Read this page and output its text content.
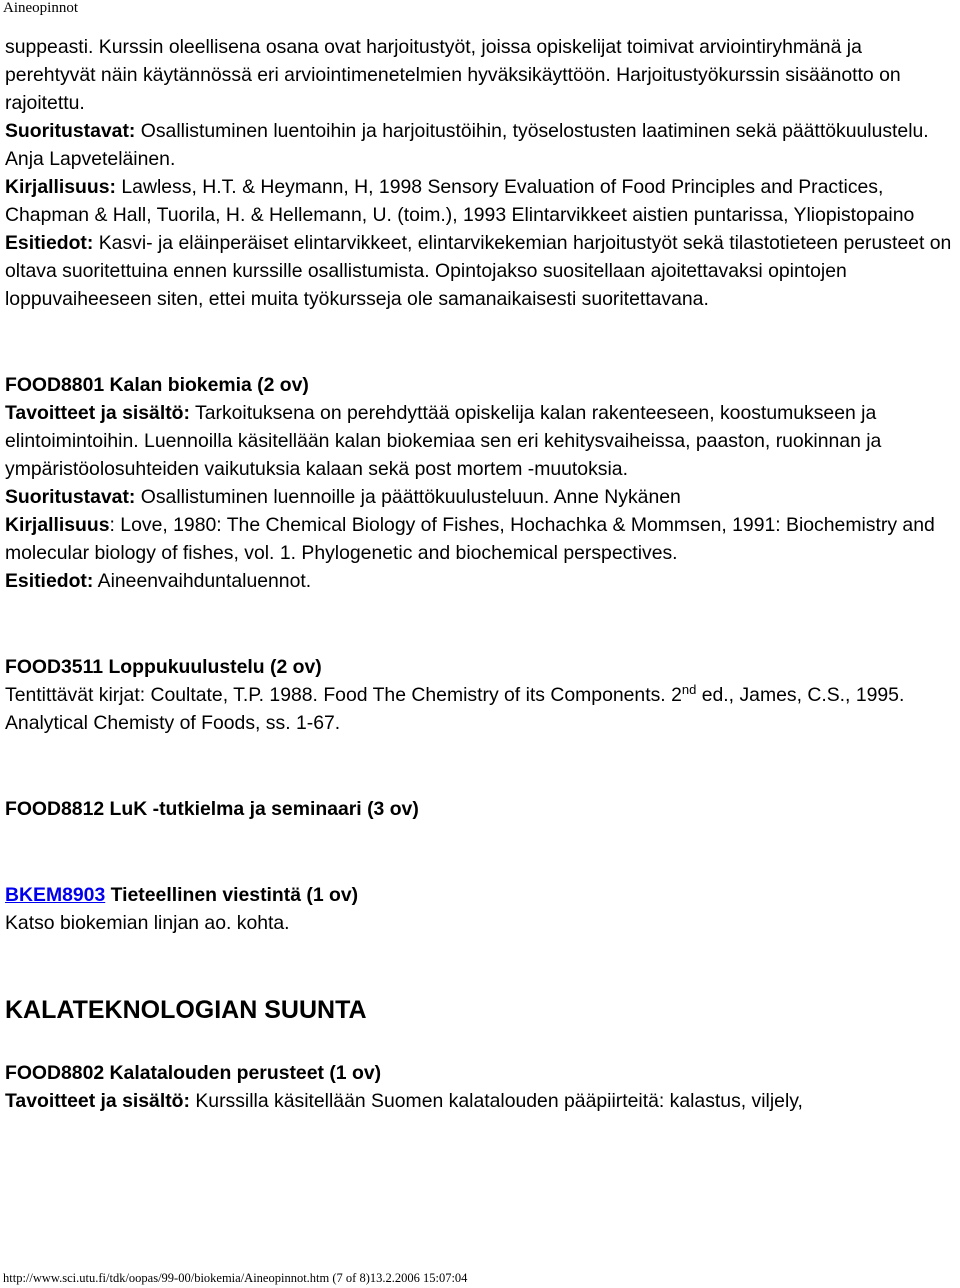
Aineopinnot

suppeasti. Kurssin oleellisena osana ovat harjoitustyöt, joissa opiskelijat toimivat arviointiryhmänä ja perehtyvät näin käytännössä eri arviointimenetelmien hyväksikäyttöön. Harjoitustyökurssin sisäänotto on rajoitettu.

Suoritustavat: Osallistuminen luentoihin ja harjoitustöihin, työselostusten laatiminen sekä päättökuulustelu. Anja Lapveteläinen.

Kirjallisuus: Lawless, H.T. & Heymann, H, 1998 Sensory Evaluation of Food Principles and Practices, Chapman & Hall, Tuorila, H. & Hellemann, U. (toim.), 1993 Elintarvikkeet aistien puntarissa, Yliopistopaino

Esitiedot: Kasvi- ja eläinperäiset elintarvikkeet, elintarvikekemian harjoitustyöt sekä tilastotieteen perusteet on oltava suoritettuina ennen kurssille osallistumista. Opintojakso suositellaan ajoitettavaksi opintojen loppuvaiheeseen siten, ettei muita työkursseja ole samanaikaisesti suoritettavana.

FOOD8801 Kalan biokemia (2 ov)

Tavoitteet ja sisältö: Tarkoituksena on perehdyttää opiskelija kalan rakenteeseen, koostumukseen ja elintoimintoihin. Luennoilla käsitellään kalan biokemiaa sen eri kehitysvaiheissa, paaston, ruokinnan ja ympäristöolosuhteiden vaikutuksia kalaan sekä post mortem -muutoksia.

Suoritustavat: Osallistuminen luennoille ja päättökuulusteluun. Anne Nykänen

Kirjallisuus: Love, 1980: The Chemical Biology of Fishes, Hochachka & Mommsen, 1991: Biochemistry and molecular biology of fishes, vol. 1. Phylogenetic and biochemical perspectives.

Esitiedot: Aineenvaihduntaluennot.

FOOD3511 Loppukuulustelu (2 ov)

Tentittävät kirjat: Coultate, T.P. 1988. Food The Chemistry of its Components. 2nd ed., James, C.S., 1995. Analytical Chemisty of Foods, ss. 1-67.

FOOD8812 LuK -tutkielma ja seminaari (3 ov)

BKEM8903 Tieteellinen viestintä (1 ov)

Katso biokemian linjan ao. kohta.

KALATEKNOLOGIAN SUUNTA

FOOD8802 Kalatalouden perusteet (1 ov)

Tavoitteet ja sisältö: Kurssilla käsitellään Suomen kalatalouden pääpiirteitä: kalastus, viljely,

http://www.sci.utu.fi/tdk/oopas/99-00/biokemia/Aineopinnot.htm (7 of 8)13.2.2006 15:07:04
